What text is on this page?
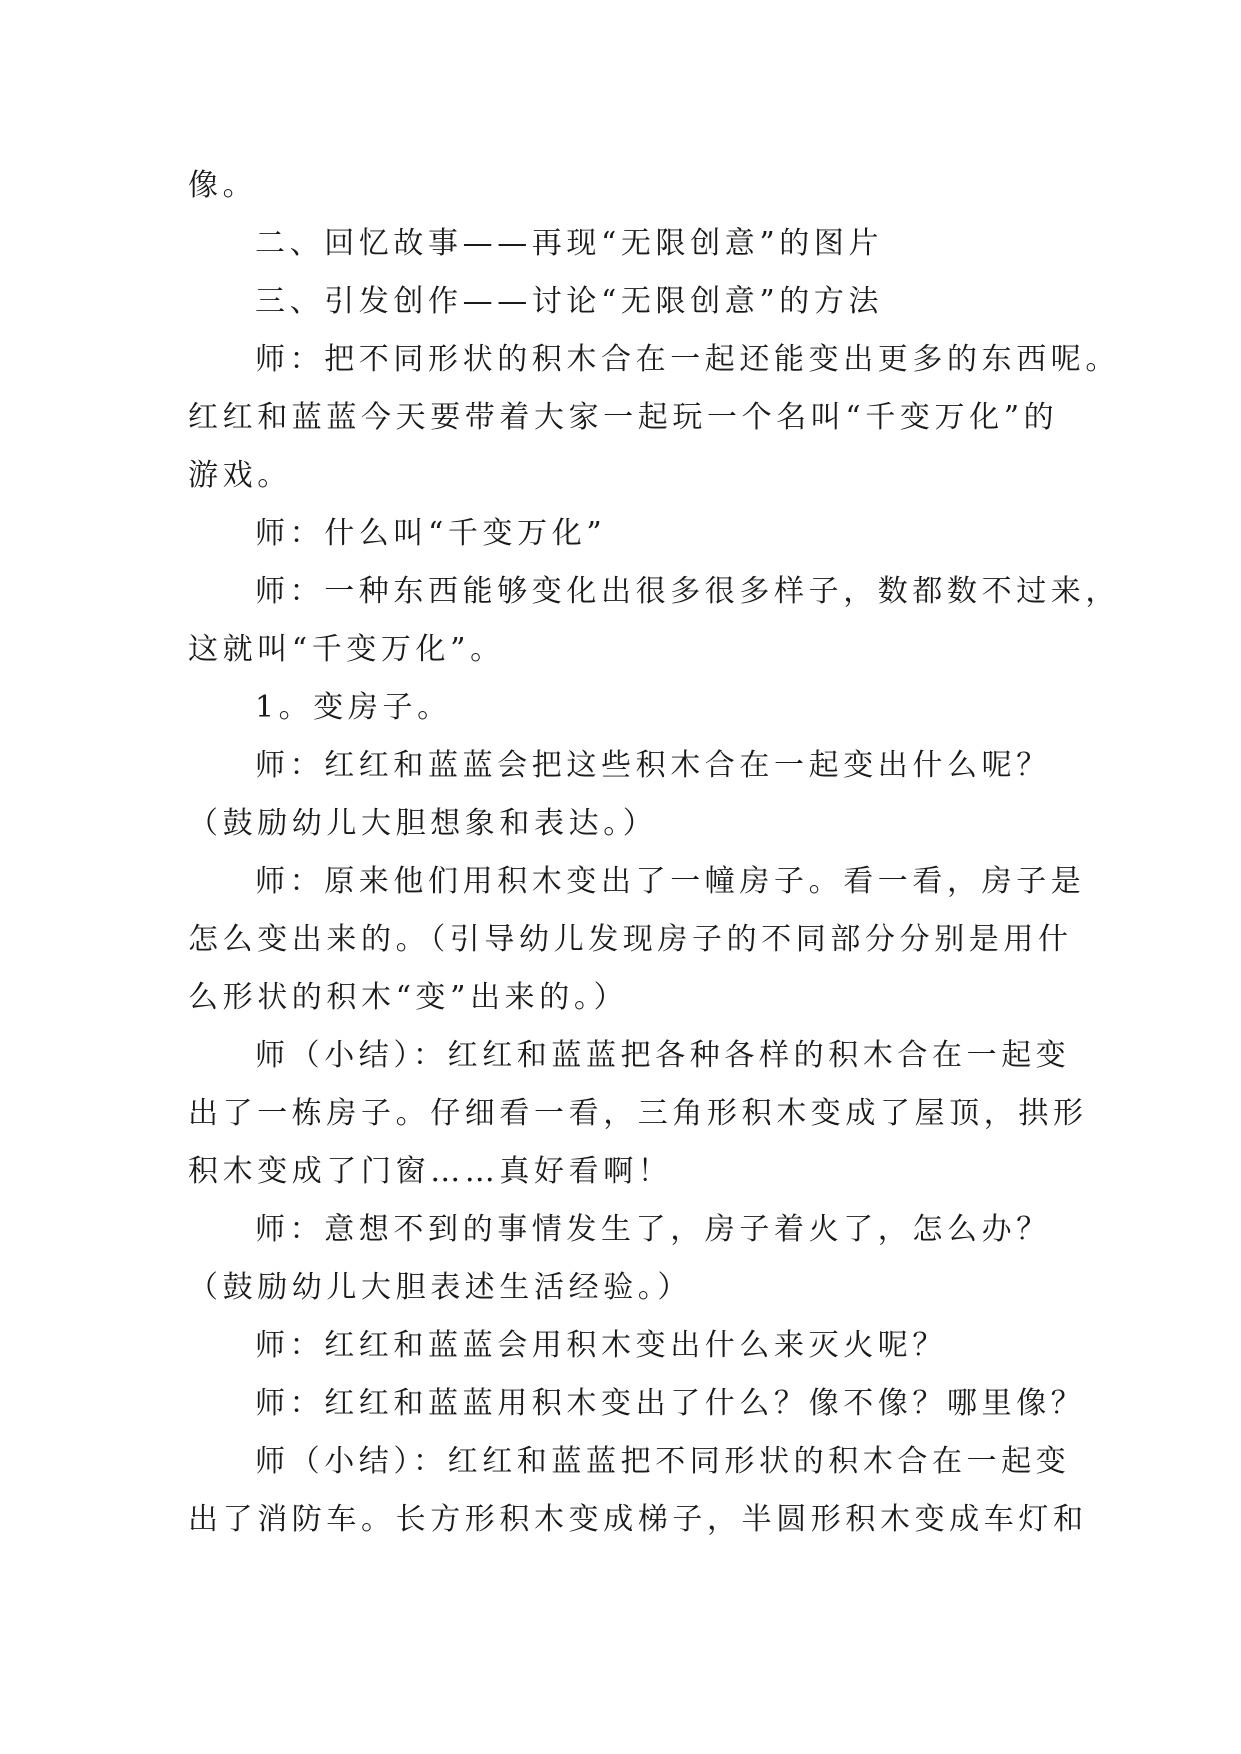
像。
二、回忆故事——再现“无限创意”的图片
三、引发创作——讨论“无限创意”的方法
师：把不同形状的积木合在一起还能变出更多的东西呢。
红红和蓝蓝今天要带着大家一起玩一个名叫“千变万化”的
游戏。
师：什么叫“千变万化”
师：一种东西能够变化出很多很多样子，数都数不过来，
这就叫“千变万化”。
1。变房子。
师：红红和蓝蓝会把这些积木合在一起变出什么呢？
（鼓励幼儿大胆想象和表达。）
师：原来他们用积木变出了一幢房子。看一看，房子是
怎么变出来的。（引导幼儿发现房子的不同部分分别是用什
么形状的积木“变”出来的。）
师（小结）：红红和蓝蓝把各种各样的积木合在一起变
出了一栋房子。仔细看一看，三角形积木变成了屋顶，拱形
积木变成了门窗……真好看啊！
师：意想不到的事情发生了，房子着火了，怎么办？
（鼓励幼儿大胆表述生活经验。）
师：红红和蓝蓝会用积木变出什么来灭火呢？
师：红红和蓝蓝用积木变出了什么？像不像？哪里像？
师（小结）：红红和蓝蓝把不同形状的积木合在一起变
出了消防车。长方形积木变成梯子，半圆形积木变成车灯和
